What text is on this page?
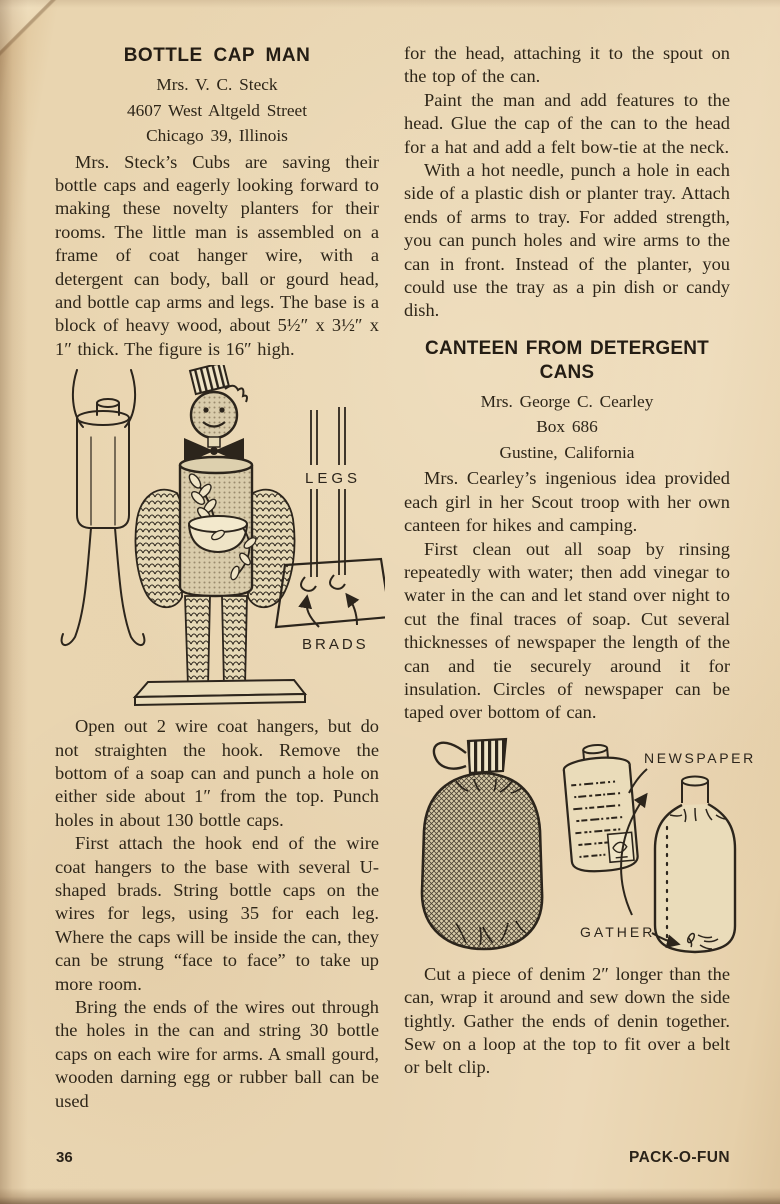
BOTTLE CAP MAN
Mrs. V. C. Steck
4607 West Altgeld Street
Chicago 39, Illinois

Mrs. Steck’s Cubs are saving their bottle caps and eagerly looking forward to making these novelty planters for their rooms. The little man is assembled on a frame of coat hanger wire, with a detergent can body, ball or gourd head, and bottle cap arms and legs. The base is a block of heavy wood, about 5½″ x 3½″ x 1″ thick. The figure is 16″ high.

LEGS
BRADS

Open out 2 wire coat hangers, but do not straighten the hook. Remove the bottom of a soap can and punch a hole on either side about 1″ from the top. Punch holes in about 130 bottle caps.

First attach the hook end of the wire coat hangers to the base with several U-shaped brads. String bottle caps on the wires for legs, using 35 for each leg. Where the caps will be inside the can, they can be strung “face to face” to take up more room.

Bring the ends of the wires out through the holes in the can and string 30 bottle caps on each wire for arms. A small gourd, wooden darning egg or rubber ball can be used

for the head, attaching it to the spout on the top of the can.

Paint the man and add features to the head. Glue the cap of the can to the head for a hat and add a felt bow-tie at the neck.

With a hot needle, punch a hole in each side of a plastic dish or planter tray. Attach ends of arms to tray. For added strength, you can punch holes and wire arms to the can in front. Instead of the planter, you could use the tray as a pin dish or candy dish.

CANTEEN FROM DETERGENT CANS
Mrs. George C. Cearley
Box 686
Gustine, California

Mrs. Cearley’s ingenious idea provided each girl in her Scout troop with her own canteen for hikes and camping.

First clean out all soap by rinsing repeatedly with water; then add vinegar to water in the can and let stand over night to cut the final traces of soap. Cut several thicknesses of newspaper the length of the can and tie securely around it for insulation. Circles of newspaper can be taped over bottom of can.

NEWSPAPER
GATHER

Cut a piece of denim 2″ longer than the can, wrap it around and sew down the side tightly. Gather the ends of denin together. Sew on a loop at the top to fit over a belt or belt clip.

36	PACK-O-FUN
